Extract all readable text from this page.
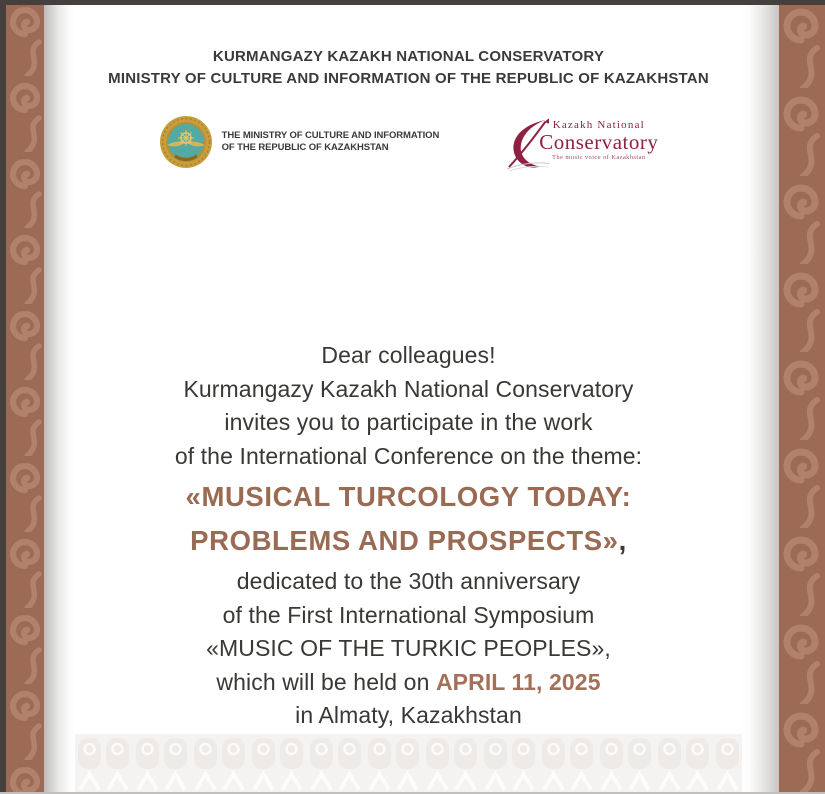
KURMANGAZY KAZAKH NATIONAL CONSERVATORY

MINISTRY OF CULTURE AND INFORMATION OF THE REPUBLIC OF KAZAKHSTAN

THE MINISTRY OF CULTURE AND INFORMATION
OF THE REPUBLIC OF KAZAKHSTAN
Kazakh National
Conservatory
The music voice of Kazakhstan

Dear colleagues!

Kurmangazy Kazakh National Conservatory

invites you to participate in the work

of the International Conference on the theme:

«MUSICAL TURCOLOGY TODAY:

PROBLEMS AND PROSPECTS»,

dedicated to the 30th anniversary

of the First International Symposium

«MUSIC OF THE TURKIC PEOPLES»,

which will be held on APRIL 11, 2025

in Almaty, Kazakhstan
